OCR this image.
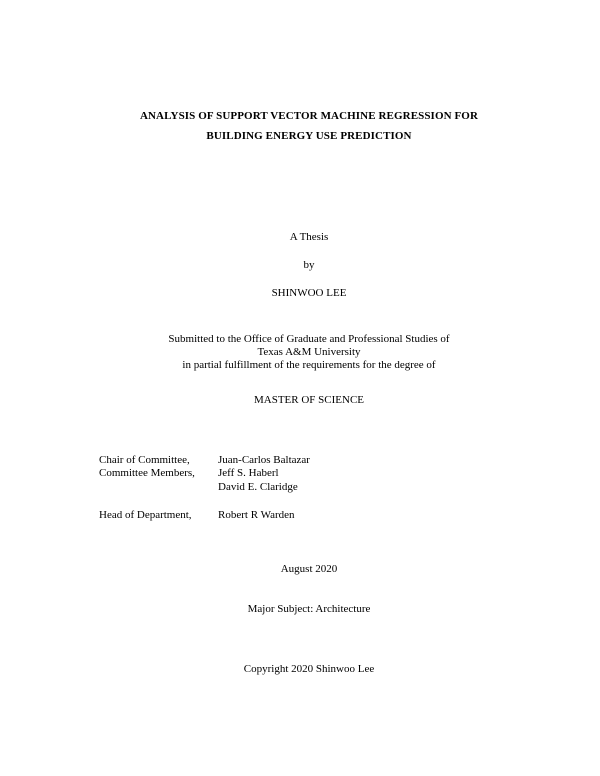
ANALYSIS OF SUPPORT VECTOR MACHINE REGRESSION FOR
BUILDING ENERGY USE PREDICTION
A Thesis
by
SHINWOO LEE
Submitted to the Office of Graduate and Professional Studies of
Texas A&M University
in partial fulfillment of the requirements for the degree of
MASTER OF SCIENCE
Chair of Committee,	Juan-Carlos Baltazar
Committee Members, Jeff S. Haberl
David E. Claridge
Head of Department, Robert R Warden
August 2020
Major Subject: Architecture
Copyright 2020 Shinwoo Lee
